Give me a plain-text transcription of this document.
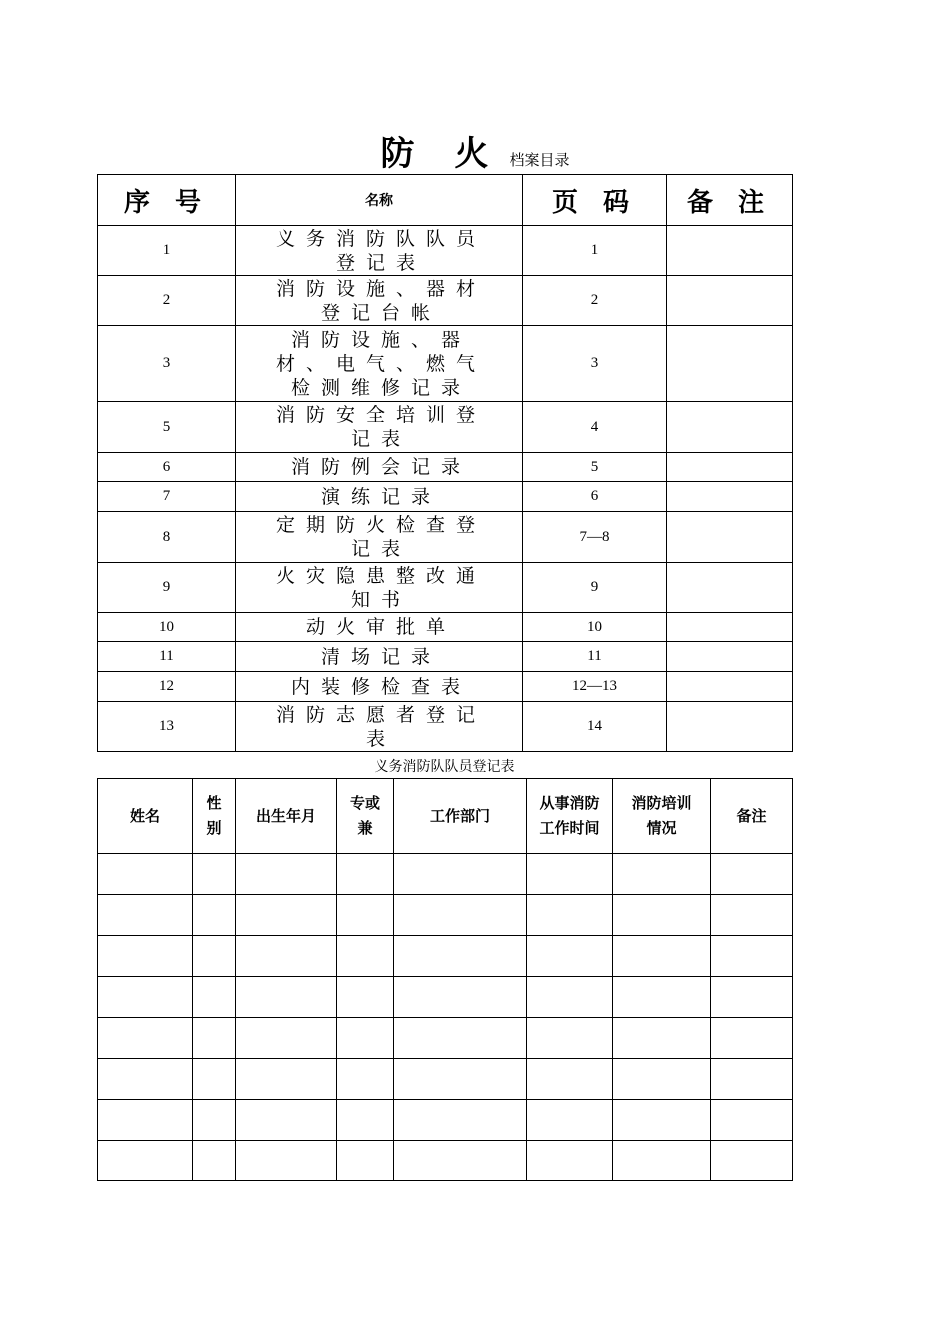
防 火 档案目录
序 号	名称	页 码	备 注
1	义务消防队队员登记表	1	
2	消防设施、器材登记台帐	2	
3	消防设施、器材、电气、燃气检测维修记录	3	
5	消防安全培训登记表	4	
6	消防例会记录	5	
7	演练记录	6	
8	定期防火检查登记表	7—8	
9	火灾隐患整改通知书	9	
10	动火审批单	10	
11	清场记录	11	
12	内装修检查表	12—13	
13	消防志愿者登记表	14	
义务消防队队员登记表
姓名	性别	出生年月	专或兼	工作部门	从事消防工作时间	消防培训情况	备注
